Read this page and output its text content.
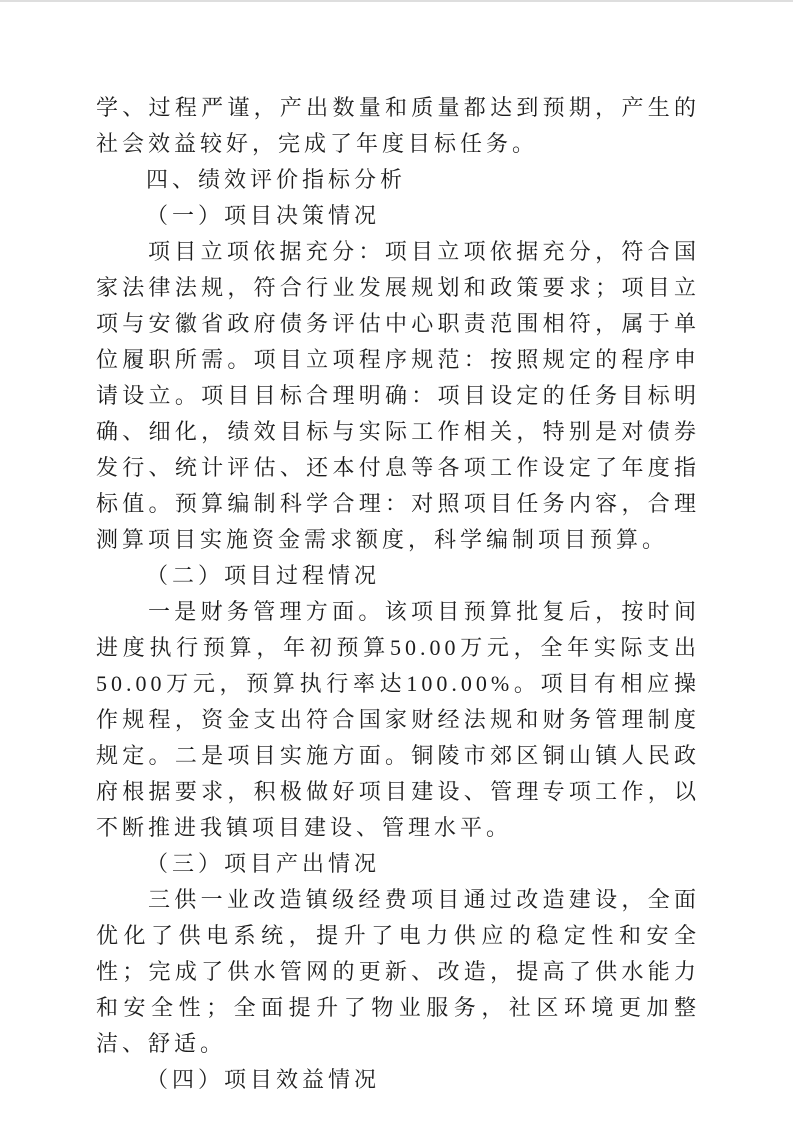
学、过程严谨，产出数量和质量都达到预期，产生的社会效益较好，完成了年度目标任务。

四、绩效评价指标分析
（一）项目决策情况

项目立项依据充分：项目立项依据充分，符合国家法律法规，符合行业发展规划和政策要求；项目立项与安徽省政府债务评估中心职责范围相符，属于单位履职所需。项目立项程序规范：按照规定的程序申请设立。项目目标合理明确：项目设定的任务目标明确、细化，绩效目标与实际工作相关，特别是对债券发行、统计评估、还本付息等各项工作设定了年度指标值。预算编制科学合理：对照项目任务内容，合理测算项目实施资金需求额度，科学编制项目预算。

（二）项目过程情况

一是财务管理方面。该项目预算批复后，按时间进度执行预算，年初预算50.00万元，全年实际支出50.00万元，预算执行率达100.00%。项目有相应操作规程，资金支出符合国家财经法规和财务管理制度规定。二是项目实施方面。铜陵市郊区铜山镇人民政府根据要求，积极做好项目建设、管理专项工作，以不断推进我镇项目建设、管理水平。

（三）项目产出情况

三供一业改造镇级经费项目通过改造建设，全面优化了供电系统，提升了电力供应的稳定性和安全性；完成了供水管网的更新、改造，提高了供水能力和安全性；全面提升了物业服务，社区环境更加整洁、舒适。

（四）项目效益情况
